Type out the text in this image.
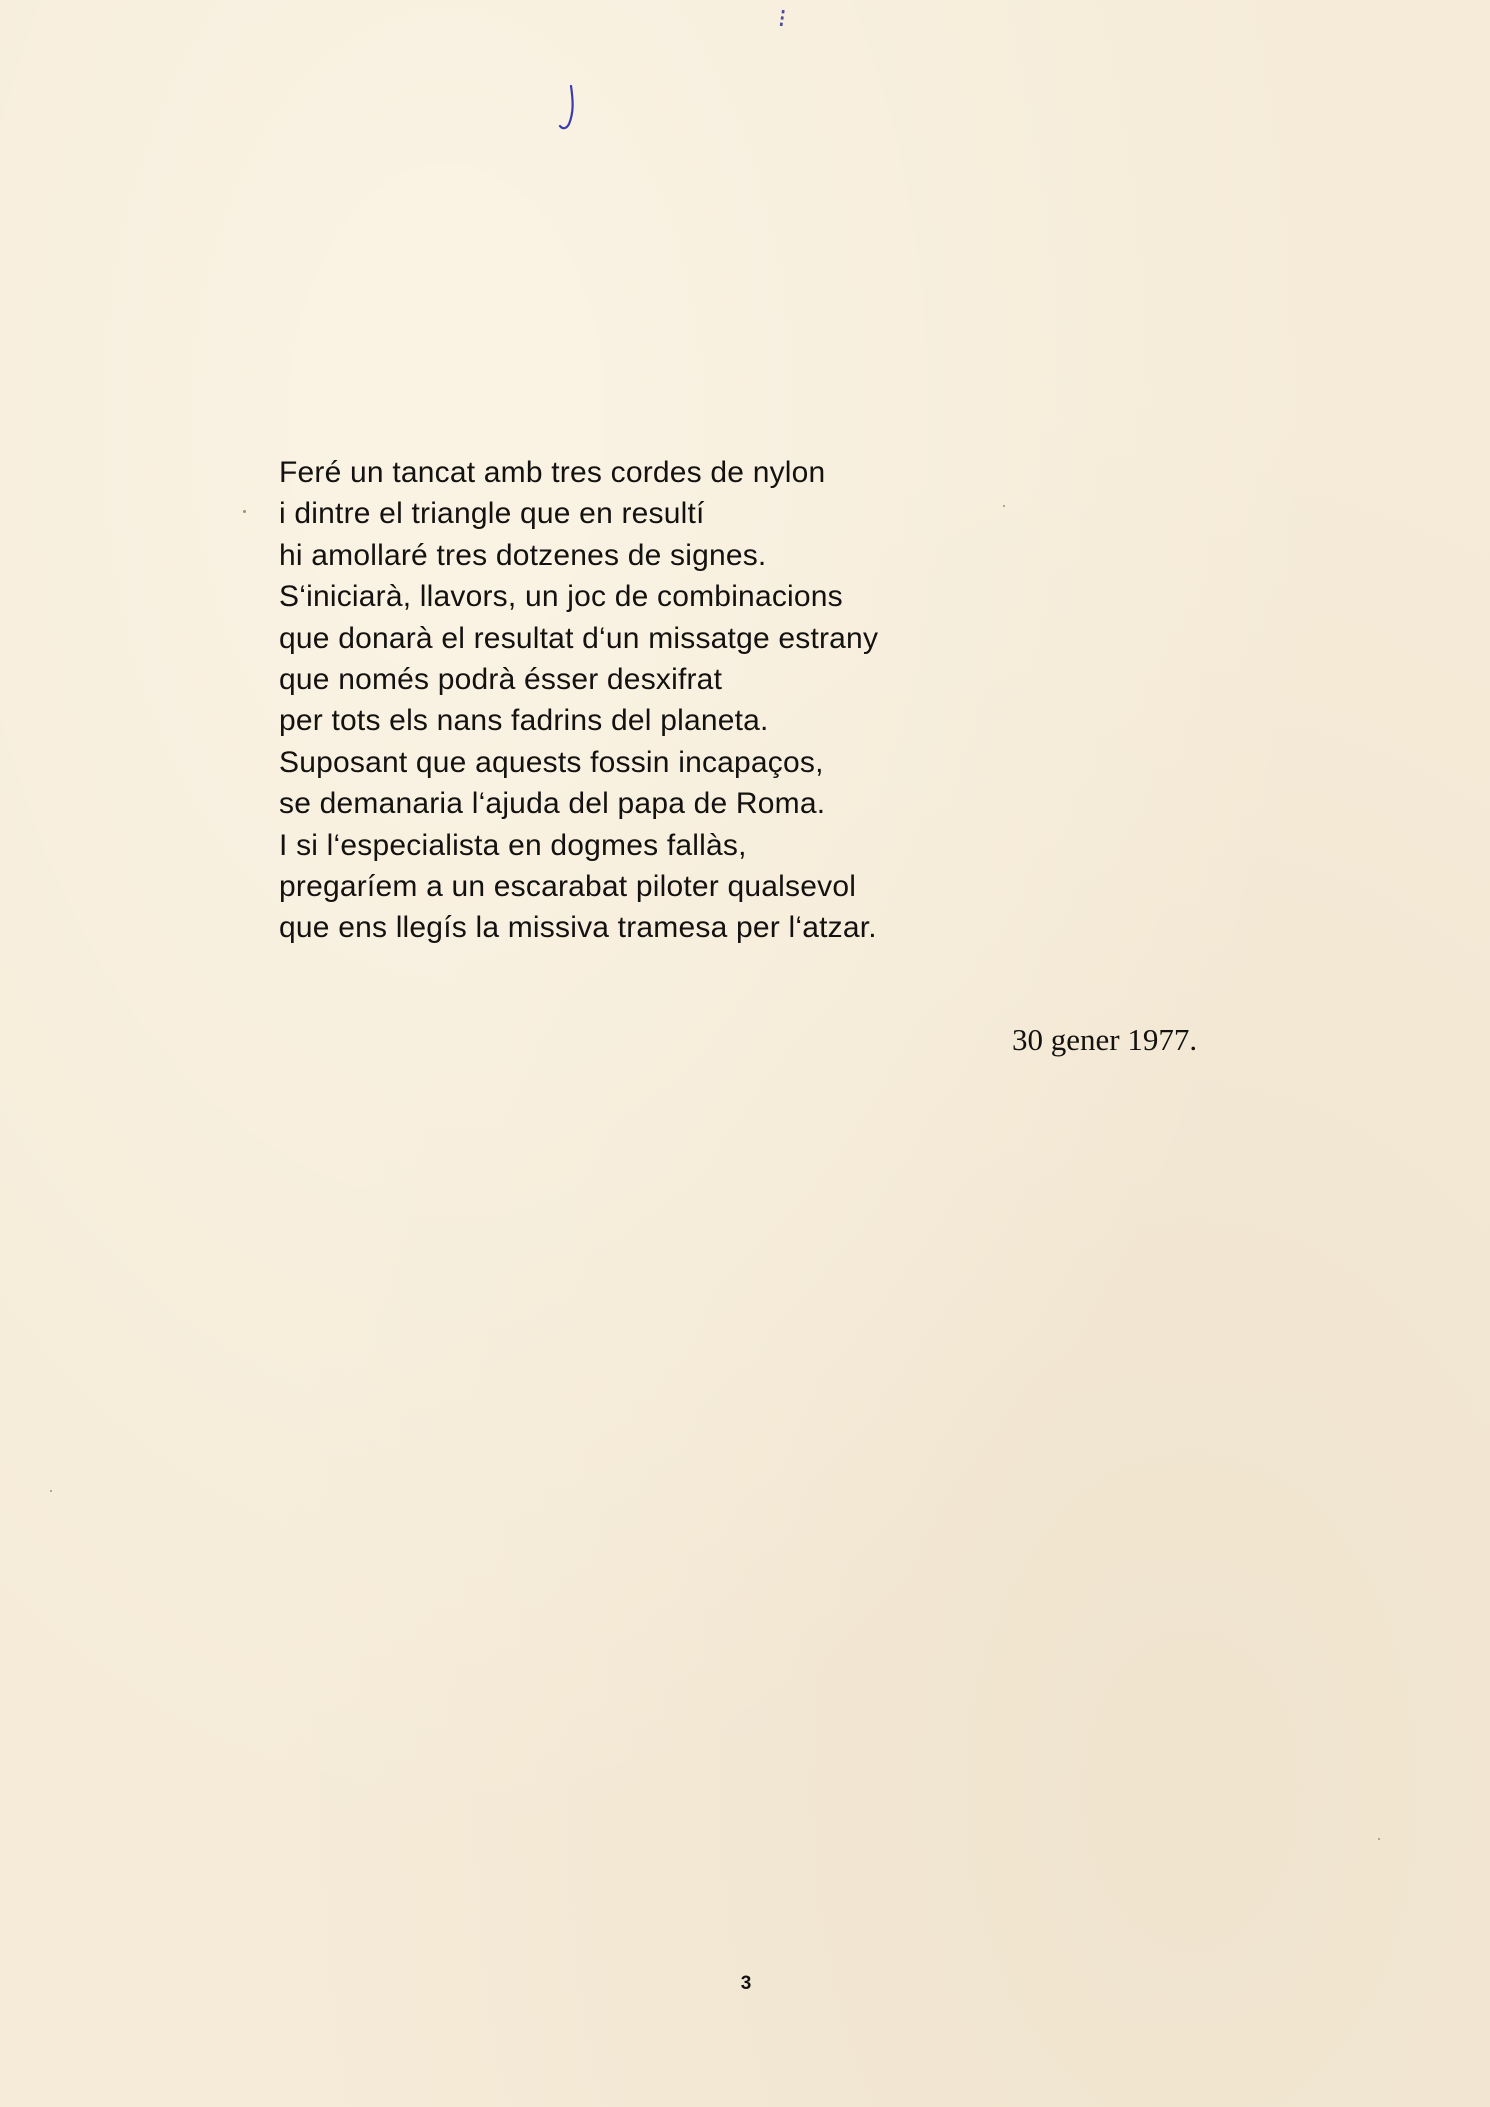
⁝
Feré un tancat amb tres cordes de nylon
i dintre el triangle que en resultí
hi amollaré tres dotzenes de signes.
S‘iniciarà, llavors, un joc de combinacions
que donarà el resultat d‘un missatge estrany
que només podrà ésser desxifrat
per tots els nans fadrins del planeta.
Suposant que aquests fossin incapaços,
se demanaria l‘ajuda del papa de Roma.
I si l‘especialista en dogmes fallàs,
pregaríem a un escarabat piloter qualsevol
que ens llegís la missiva tramesa per l‘atzar.
30 gener 1977.
3
